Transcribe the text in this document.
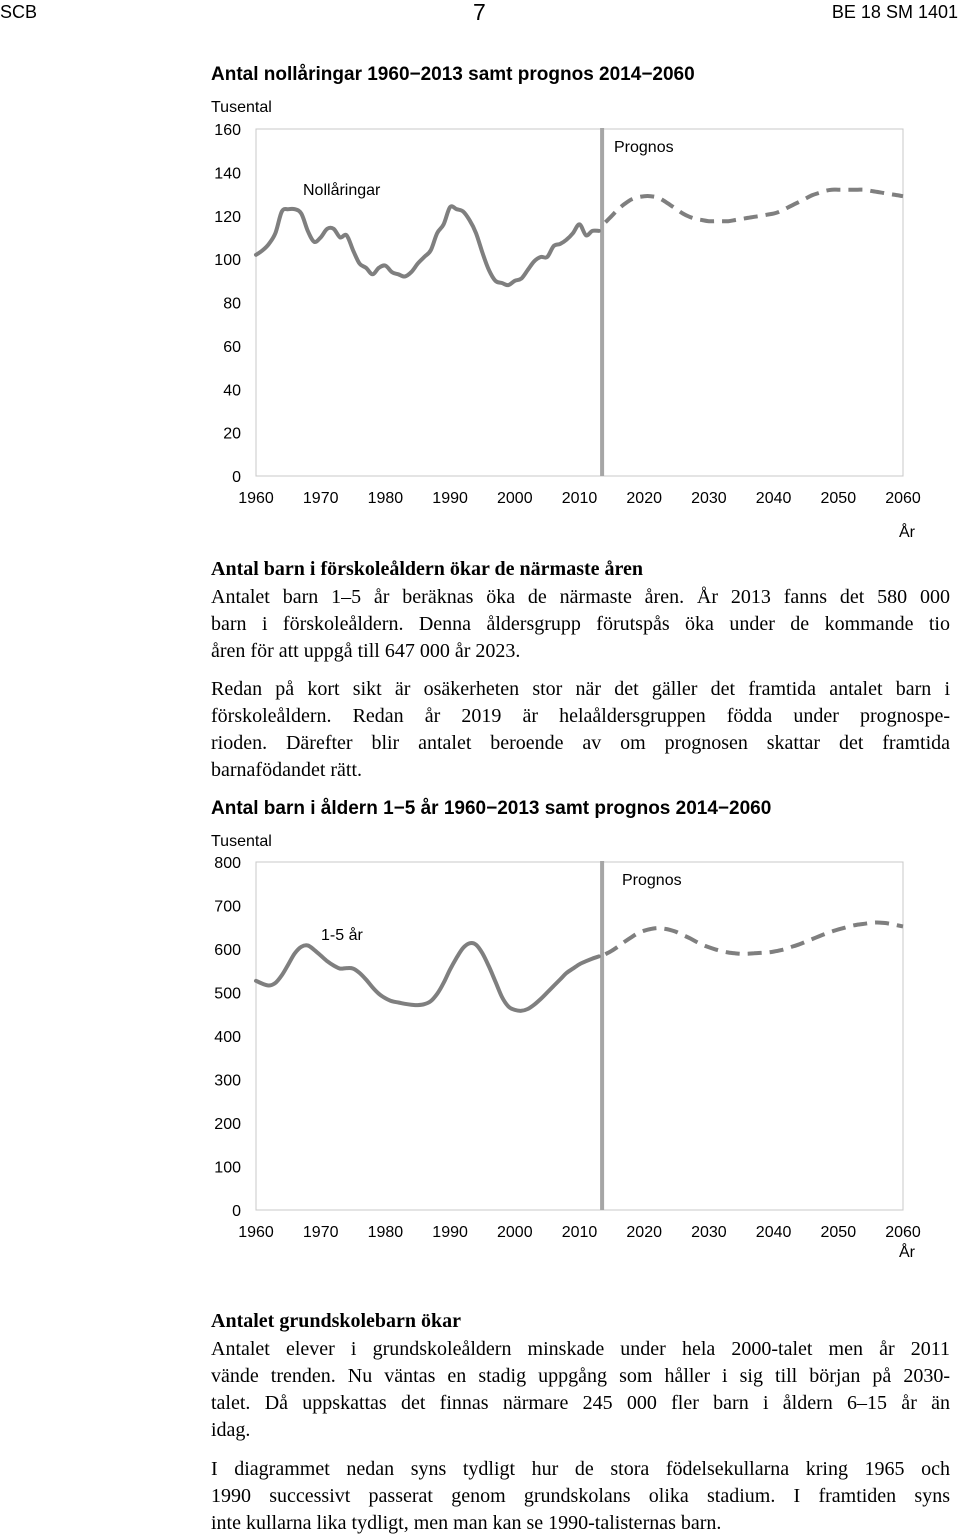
SCB	7	BE 18 SM 1401
Antal nollåringar 1960−2013 samt prognos 2014−2060
Tusental
0
20
40
60
80
100
120
140
160
1960 1970 1980 1990 2000 2010 2020 2030 2040 2050 2060
Nollåringar
Prognos
År
Antal barn i förskoleåldern ökar de närmaste åren
Antalet barn 1–5 år beräknas öka de närmaste åren. År 2013 fanns det 580 000
barn i förskoleåldern. Denna åldersgrupp förutspås öka under de kommande tio
åren för att uppgå till 647 000 år 2023.
Redan på kort sikt är osäkerheten stor när det gäller det framtida antalet barn i
förskoleåldern. Redan år 2019 är helaåldersgruppen födda under prognospe-
rioden. Därefter blir antalet beroende av om prognosen skattar det framtida
barnafödandet rätt.
Antal barn i åldern 1−5 år 1960−2013 samt prognos 2014−2060
Tusental
0
100
200
300
400
500
600
700
800
1960 1970 1980 1990 2000 2010 2020 2030 2040 2050 2060
1-5 år
Prognos
År
Antalet grundskolebarn ökar
Antalet elever i grundskoleåldern minskade under hela 2000-talet men år 2011
vände trenden. Nu väntas en stadig uppgång som håller i sig till början på 2030-
talet. Då uppskattas det finnas närmare 245 000 fler barn i åldern 6–15 år än
idag.
I diagrammet nedan syns tydligt hur de stora födelsekullarna kring 1965 och
1990 successivt passerat genom grundskolans olika stadium. I framtiden syns
inte kullarna lika tydligt, men man kan se 1990-talisternas barn.
